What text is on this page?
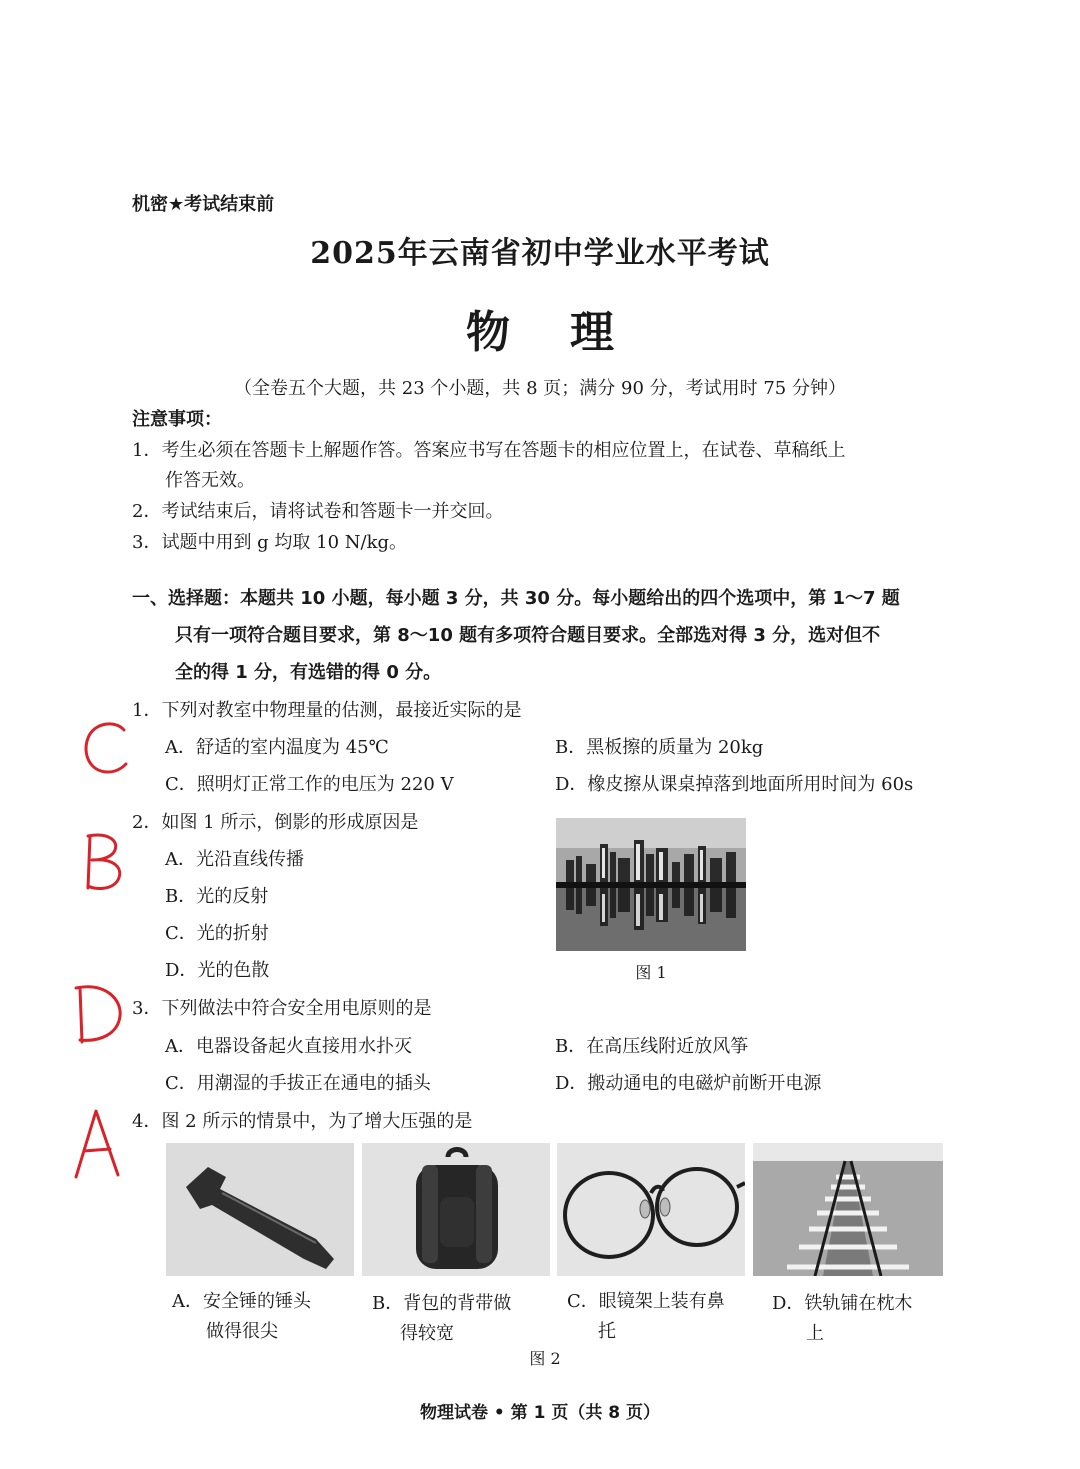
机密★考试结束前
2025年云南省初中学业水平考试
物理
（全卷五个大题，共 23 个小题，共 8 页；满分 90 分，考试用时 75 分钟）
注意事项：
1．考生必须在答题卡上解题作答。答案应书写在答题卡的相应位置上，在试卷、草稿纸上
作答无效。
2．考试结束后，请将试卷和答题卡一并交回。
3．试题中用到 g 均取 10 N/kg。
一、选择题：本题共 10 小题，每小题 3 分，共 30 分。每小题给出的四个选项中，第 1～7 题
只有一项符合题目要求，第 8～10 题有多项符合题目要求。全部选对得 3 分，选对但不
全的得 1 分，有选错的得 0 分。
1．下列对教室中物理量的估测，最接近实际的是
A．舒适的室内温度为 45℃	B．黑板擦的质量为 20kg
C．照明灯正常工作的电压为 220 V	D．橡皮擦从课桌掉落到地面所用时间为 60s
2．如图 1 所示，倒影的形成原因是
A．光沿直线传播
B．光的反射
C．光的折射
D．光的色散	图 1
3．下列做法中符合安全用电原则的是
A．电器设备起火直接用水扑灭	B．在高压线附近放风筝
C．用潮湿的手拔正在通电的插头	D．搬动通电的电磁炉前断开电源
4．图 2 所示的情景中，为了增大压强的是
A．安全锤的锤头
做得很尖
B．背包的背带做
得较宽
C．眼镜架上装有鼻
托
D．铁轨铺在枕木
上
图 2
物理试卷 • 第 1 页（共 8 页）
